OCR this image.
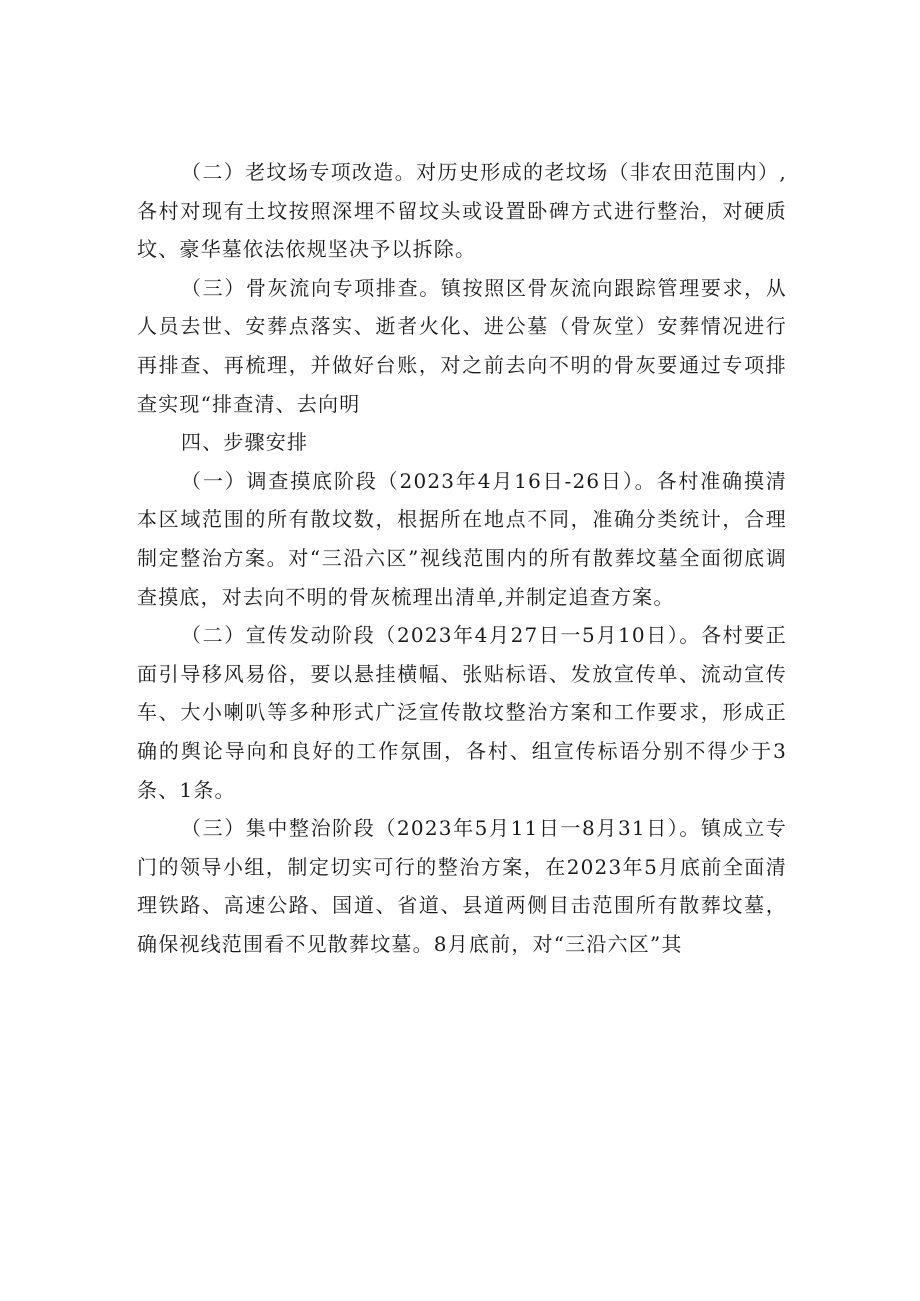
（二）老坟场专项改造。对历史形成的老坟场（非农田范围内）,各村对现有土坟按照深埋不留坟头或设置卧碑方式进行整治，对硬质坟、豪华墓依法依规坚决予以拆除。

（三）骨灰流向专项排查。镇按照区骨灰流向跟踪管理要求，从人员去世、安葬点落实、逝者火化、进公墓（骨灰堂）安葬情况进行再排查、再梳理，并做好台账，对之前去向不明的骨灰要通过专项排查实现“排查清、去向明

四、步骤安排

（一）调查摸底阶段（2023年4月16日-26日）。各村准确摸清本区域范围的所有散坟数，根据所在地点不同，准确分类统计，合理制定整治方案。对“三沿六区”视线范围内的所有散葬坟墓全面彻底调查摸底，对去向不明的骨灰梳理出清单,并制定追查方案。

（二）宣传发动阶段（2023年4月27日一5月10日）。各村要正面引导移风易俗，要以悬挂横幅、张贴标语、发放宣传单、流动宣传车、大小喇叭等多种形式广泛宣传散坟整治方案和工作要求，形成正确的舆论导向和良好的工作氛围，各村、组宣传标语分别不得少于3条、1条。

（三）集中整治阶段（2023年5月11日一8月31日）。镇成立专门的领导小组，制定切实可行的整治方案，在2023年5月底前全面清理铁路、高速公路、国道、省道、县道两侧目击范围所有散葬坟墓，确保视线范围看不见散葬坟墓。8月底前，对“三沿六区”其
